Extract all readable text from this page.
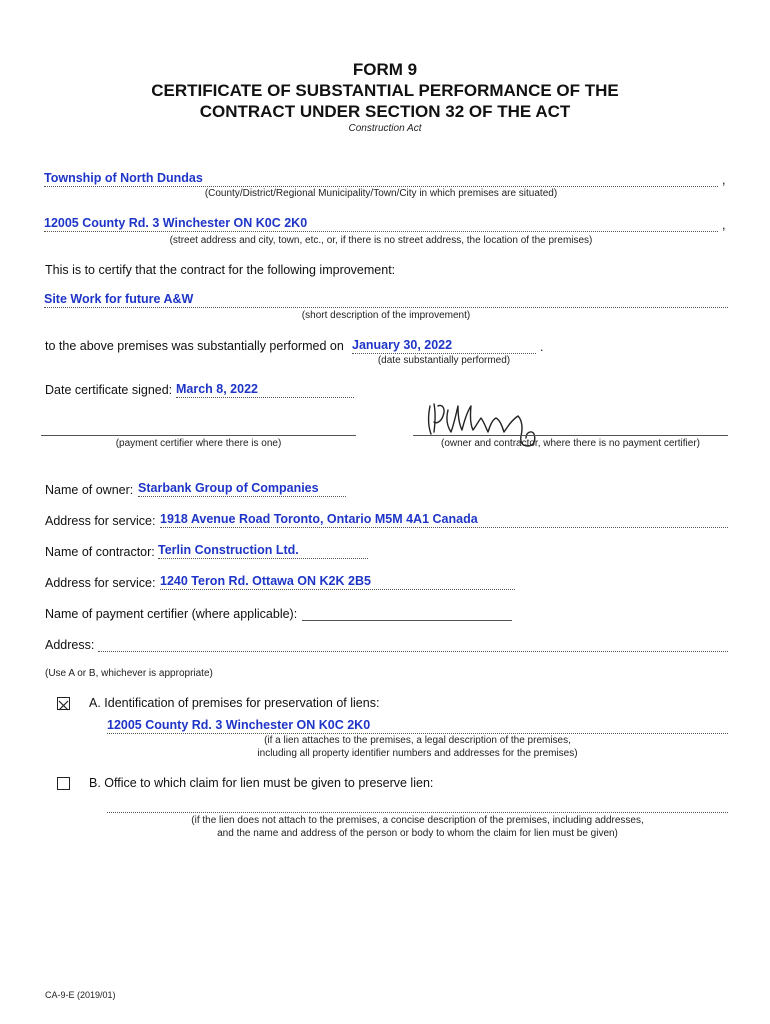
FORM 9
CERTIFICATE OF SUBSTANTIAL PERFORMANCE OF THE
CONTRACT UNDER SECTION 32 OF THE ACT
Construction Act
Township of North Dundas	,
(County/District/Regional Municipality/Town/City in which premises are situated)
12005 County Rd. 3 Winchester ON K0C 2K0	,
(street address and city, town, etc., or, if there is no street address, the location of the premises)
This is to certify that the contract for the following improvement:
Site Work for future A&W
(short description of the improvement)
to the above premises was substantially performed on January 30, 2022	.
(date substantially performed)
Date certificate signed: March 8, 2022
(payment certifier where there is one)	(owner and contractor, where there is no payment certifier)
Name of owner: Starbank Group of Companies
Address for service: 1918 Avenue Road Toronto, Ontario M5M 4A1 Canada
Name of contractor: Terlin Construction Ltd.
Address for service: 1240 Teron Rd. Ottawa ON K2K 2B5
Name of payment certifier (where applicable):
Address:
(Use A or B, whichever is appropriate)
A. Identification of premises for preservation of liens:
12005 County Rd. 3 Winchester ON K0C 2K0
(if a lien attaches to the premises, a legal description of the premises,
including all property identifier numbers and addresses for the premises)
B. Office to which claim for lien must be given to preserve lien:
(if the lien does not attach to the premises, a concise description of the premises, including addresses,
and the name and address of the person or body to whom the claim for lien must be given)
CA-9-E (2019/01)
